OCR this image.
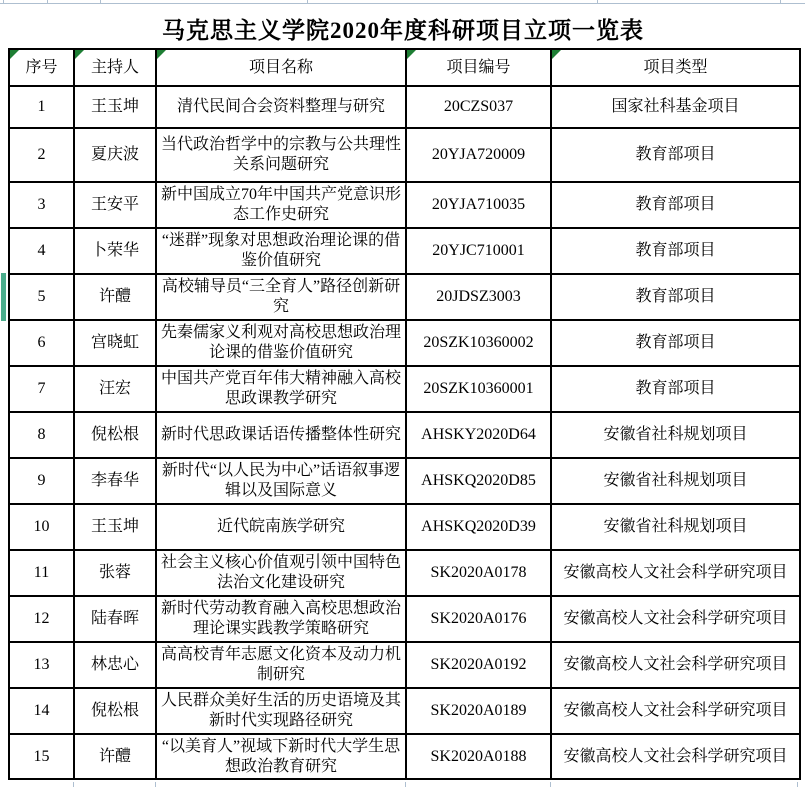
马克思主义学院2020年度科研项目立项一览表
序号	主持人	项目名称	项目编号	项目类型
1	王玉坤	清代民间合会资料整理与研究	20CZS037	国家社科基金项目
2	夏庆波	当代政治哲学中的宗教与公共理性关系问题研究	20YJA720009	教育部项目
3	王安平	新中国成立70年中国共产党意识形态工作史研究	20YJA710035	教育部项目
4	卜荣华	“迷群”现象对思想政治理论课的借鉴价值研究	20YJC710001	教育部项目
5	许醴	高校辅导员“三全育人”路径创新研究	20JDSZ3003	教育部项目
6	宫晓虹	先秦儒家义利观对高校思想政治理论课的借鉴价值研究	20SZK10360002	教育部项目
7	汪宏	中国共产党百年伟大精神融入高校思政课教学研究	20SZK10360001	教育部项目
8	倪松根	新时代思政课话语传播整体性研究	AHSKY2020D64	安徽省社科规划项目
9	李春华	新时代“以人民为中心”话语叙事逻辑以及国际意义	AHSKQ2020D85	安徽省社科规划项目
10	王玉坤	近代皖南族学研究	AHSKQ2020D39	安徽省社科规划项目
11	张蓉	社会主义核心价值观引领中国特色法治文化建设研究	SK2020A0178	安徽高校人文社会科学研究项目
12	陆春晖	新时代劳动教育融入高校思想政治理论课实践教学策略研究	SK2020A0176	安徽高校人文社会科学研究项目
13	林忠心	高高校青年志愿文化资本及动力机制研究	SK2020A0192	安徽高校人文社会科学研究项目
14	倪松根	人民群众美好生活的历史语境及其新时代实现路径研究	SK2020A0189	安徽高校人文社会科学研究项目
15	许醴	“以美育人”视域下新时代大学生思想政治教育研究	SK2020A0188	安徽高校人文社会科学研究项目
